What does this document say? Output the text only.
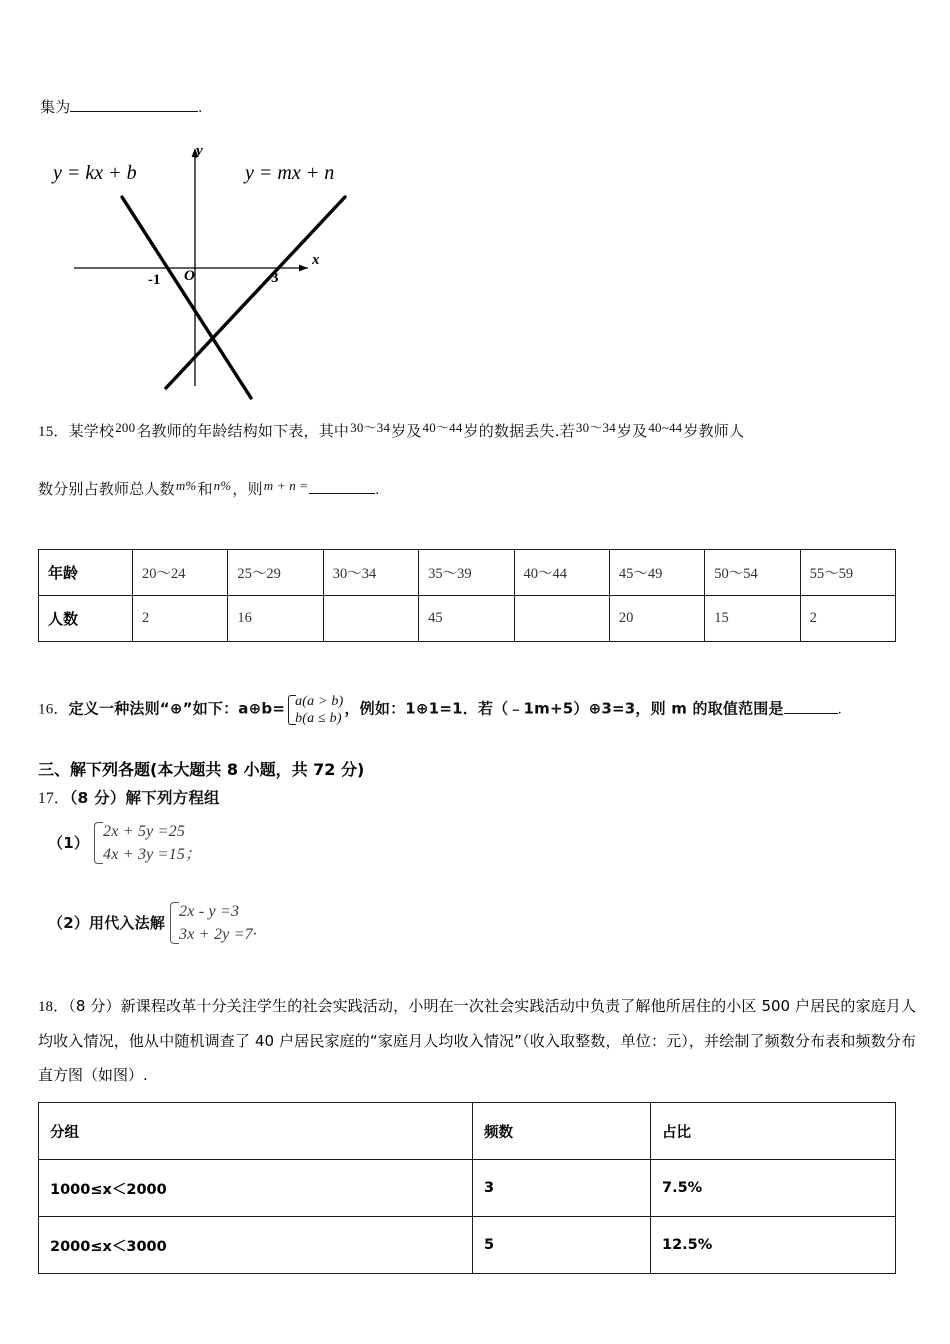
集为	.
y = kx + b	y = mx + n
y
x
O
-1	3
15．某学校200名教师的年龄结构如下表，其中30～34岁及40～44岁的数据丢失.若30～34岁及40~44岁教师人
数分别占教师总人数m%和n%，则m + n =	.
年龄	20～24	25～29	30～34	35～39	40～44	45～49	50～54	55～59
人数	2	16		45		20	15	2
16．定义一种法则“⊕”如下：a⊕b= a(a > b)
b(a ≤ b)
，例如：1⊕1=1．若（﹣1m+5）⊕3=3，则 m 的取值范围是	.
三、解下列各题(本大题共 8 小题，共 72 分)
17．（8 分）解下列方程组
（1）
2x + 5y =25
4x + 3y =15；
（2）用代入法解
2x - y =3
3x + 2y =7·
18．（8 分）新课程改革十分关注学生的社会实践活动，小明在一次社会实践活动中负责了解他所居住的小区 500 户居民的家庭月人均收入情况，他从中随机调查了 40 户居民家庭的“家庭月人均收入情况”（收入取整数，单位：元），并绘制了频数分布表和频数分布直方图（如图）.
分组	频数	占比
1000≤x＜2000	3	7.5%
2000≤x＜3000	5	12.5%
